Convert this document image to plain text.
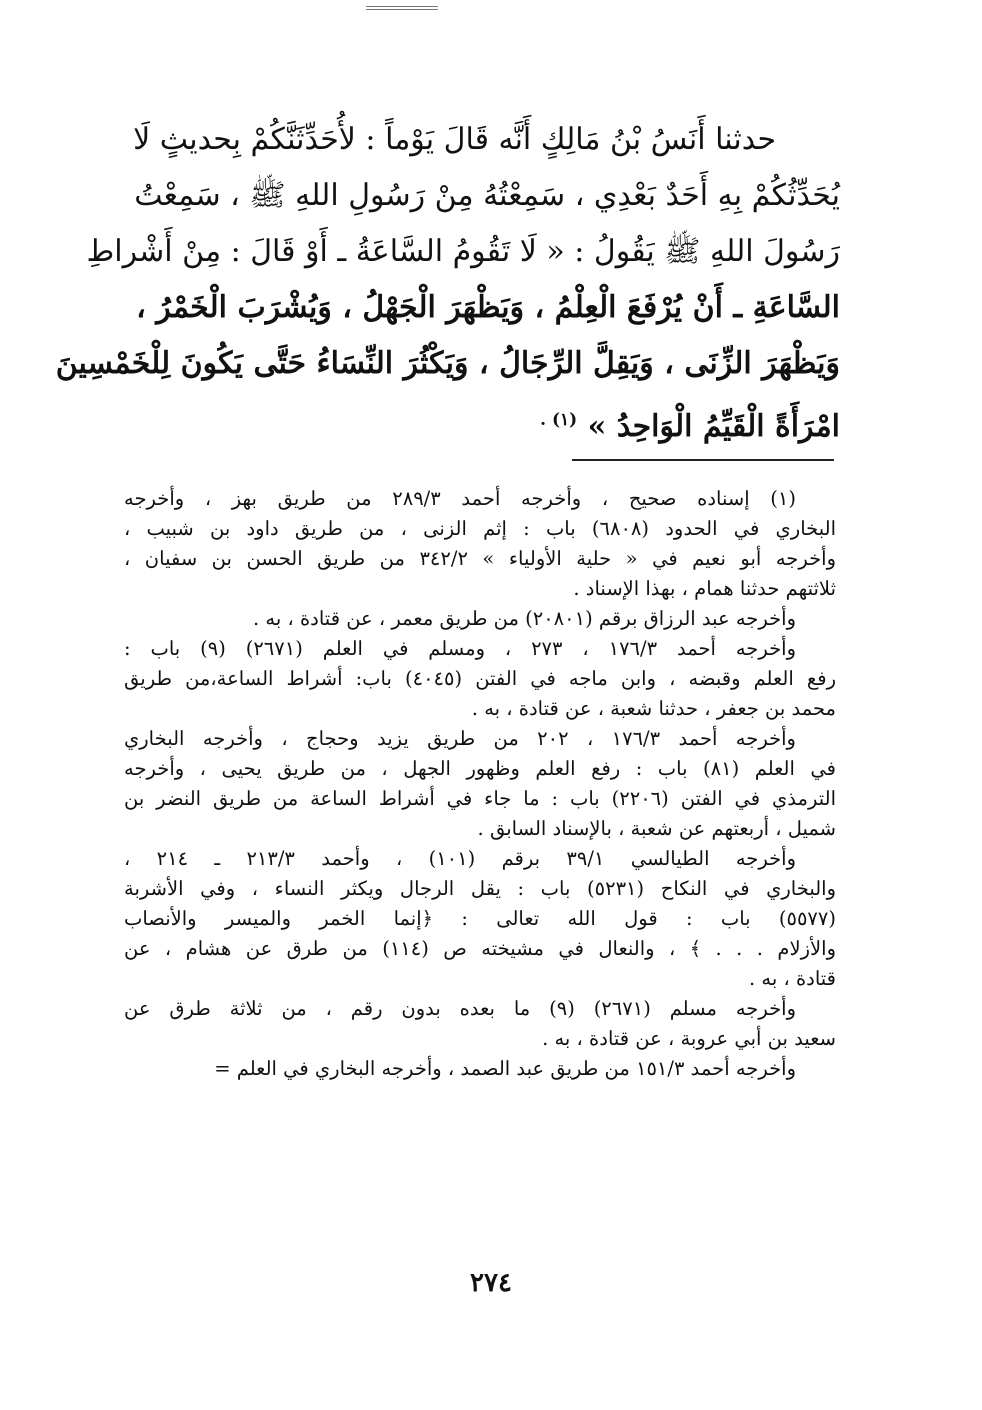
حدثنا أَنَسُ بْنُ مَالِكٍ أَنَّه قَالَ يَوْماً : لأُحَدِّثَنَّكُمْ بِحديثٍ لَا
يُحَدِّثُكُمْ بِهِ أَحَدٌ بَعْدِي ، سَمِعْتُهُ مِنْ رَسُولِ اللهِ ﷺ ، سَمِعْتُ
رَسُولَ اللهِ ﷺ يَقُولُ : « لَا تَقُومُ السَّاعَةُ ـ أَوْ قَالَ : مِنْ أَشْراطِ
السَّاعَةِ ـ أَنْ يُرْفَعَ الْعِلْمُ ، وَيَظْهَرَ الْجَهْلُ ، وَيُشْرَبَ الْخَمْرُ ،
وَيَظْهَرَ الزِّنَى ، وَيَقِلَّ الرِّجَالُ ، وَيَكْثُرَ النِّسَاءُ حَتَّى يَكُونَ لِلْخَمْسِينَ
امْرَأَةً الْقَيِّمُ الْوَاحِدُ » $^{(١) .}$
(١) إسناده صحيح ، وأخرجه أحمد ٢٨٩/٣ من طريق بهز ، وأخرجه
البخاري في الحدود (٦٨٠٨) باب : إثم الزنى ، من طريق داود بن شبيب ،
وأخرجه أبو نعيم في « حلية الأولياء » ٣٤٢/٢ من طريق الحسن بن سفيان ،
ثلاثتهم حدثنا همام ، بهذا الإسناد .
وأخرجه عبد الرزاق برقم (٢٠٨٠١) من طريق معمر ، عن قتادة ، به .
وأخرجه أحمد ١٧٦/٣ ، ٢٧٣ ، ومسلم في العلم (٢٦٧١) (٩) باب :
رفع العلم وقبضه ، وابن ماجه في الفتن (٤٠٤٥) باب: أشراط الساعة،من طريق
محمد بن جعفر ، حدثنا شعبة ، عن قتادة ، به .
وأخرجه أحمد ١٧٦/٣ ، ٢٠٢ من طريق يزيد وحجاج ، وأخرجه البخاري
في العلم (٨١) باب : رفع العلم وظهور الجهل ، من طريق يحيى ، وأخرجه
الترمذي في الفتن (٢٢٠٦) باب : ما جاء في أشراط الساعة من طريق النضر بن
شميل ، أربعتهم عن شعبة ، بالإسناد السابق .
وأخرجه الطيالسي ٣٩/١ برقم (١٠١) ، وأحمد ٢١٣/٣ ـ ٢١٤ ،
والبخاري في النكاح (٥٢٣١) باب : يقل الرجال ويكثر النساء ، وفي الأشربة
(٥٥٧٧) باب : قول الله تعالى : ﴿إنما الخمر والميسر والأنصاب
والأزلام . . . ﴾ ، والنعال في مشيخته ص (١١٤) من طرق عن هشام ، عن
قتادة ، به .
وأخرجه مسلم (٢٦٧١) (٩) ما بعده بدون رقم ، من ثلاثة طرق عن
سعيد بن أبي عروبة ، عن قتادة ، به .
وأخرجه أحمد ١٥١/٣ من طريق عبد الصمد ، وأخرجه البخاري في العلم =
٢٧٤
